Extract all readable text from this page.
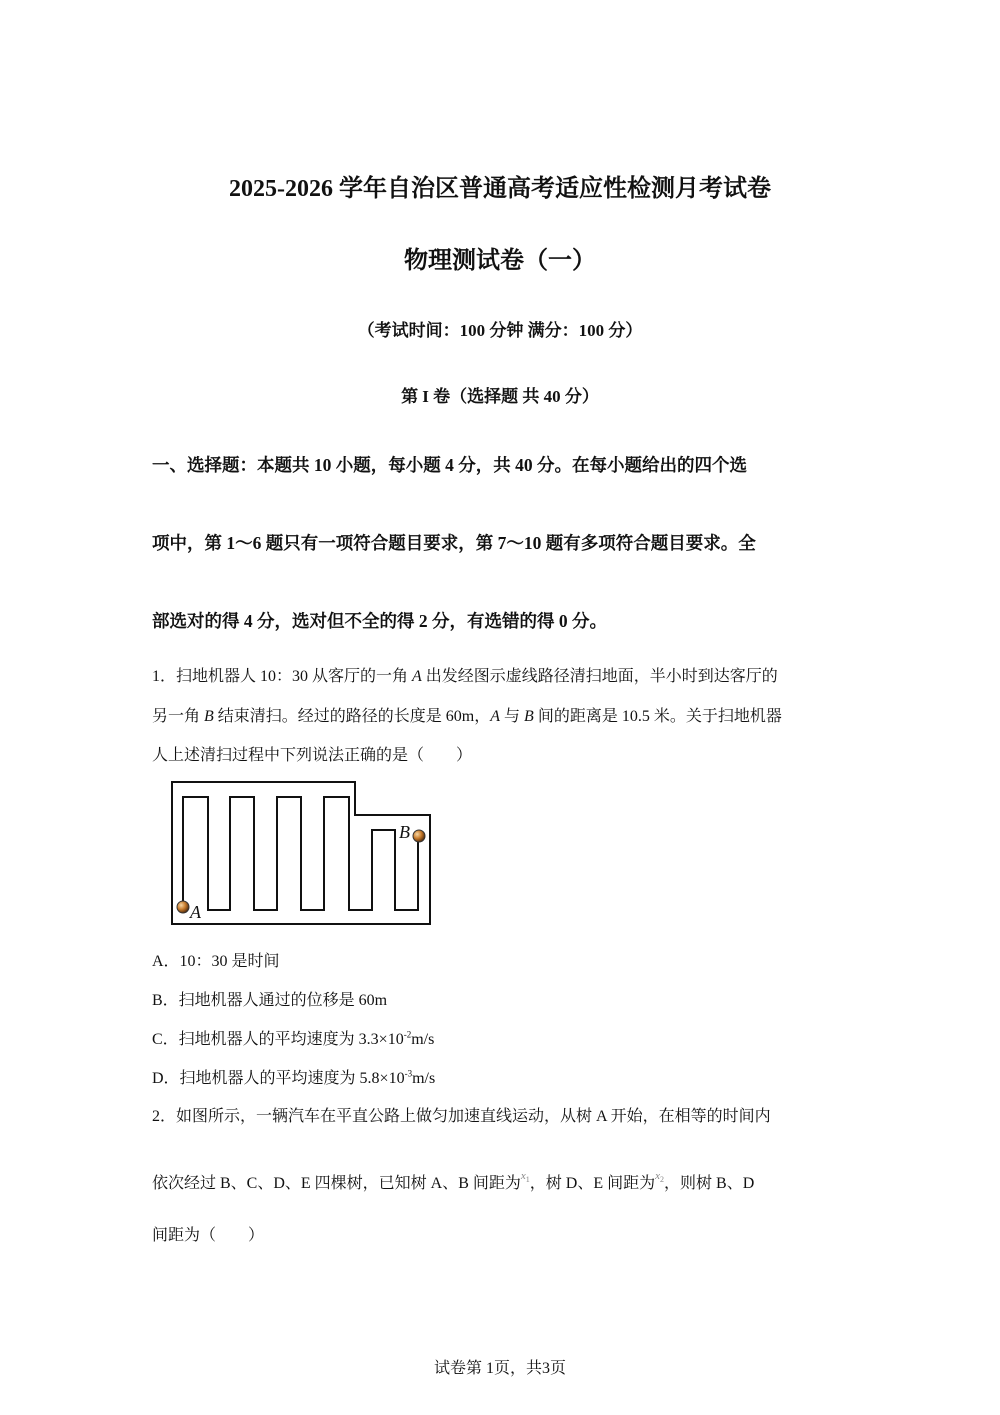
2025-2026 学年自治区普通高考适应性检测月考试卷
物理测试卷（一）
（考试时间：100 分钟 满分：100 分）
第 I 卷（选择题 共 40 分）
一、选择题：本题共 10 小题，每小题 4 分，共 40 分。在每小题给出的四个选
项中，第 1～6 题只有一项符合题目要求，第 7～10 题有多项符合题目要求。全
部选对的得 4 分，选对但不全的得 2 分，有选错的得 0 分。
1．扫地机器人 10：30 从客厅的一角 A 出发经图示虚线路径清扫地面，半小时到达客厅的
另一角 B 结束清扫。经过的路径的长度是 60m，A 与 B 间的距离是 10.5 米。关于扫地机器
人上述清扫过程中下列说法正确的是（　　）
A
B
A．10：30 是时间
B．扫地机器人通过的位移是 60m
C．扫地机器人的平均速度为 $3.3\times 10^{-2}m/s$
D．扫地机器人的平均速度为 $5.8\times 10^{-3}m/s$
2．如图所示，一辆汽车在平直公路上做匀加速直线运动，从树 A 开始，在相等的时间内
依次经过 B、C、D、E 四棵树，已知树 A、B 间距为$^{x_1}$，树 D、E 间距为$^{x_2}$，则树 B、D
间距为（　　）
试卷第 1页，共3页
